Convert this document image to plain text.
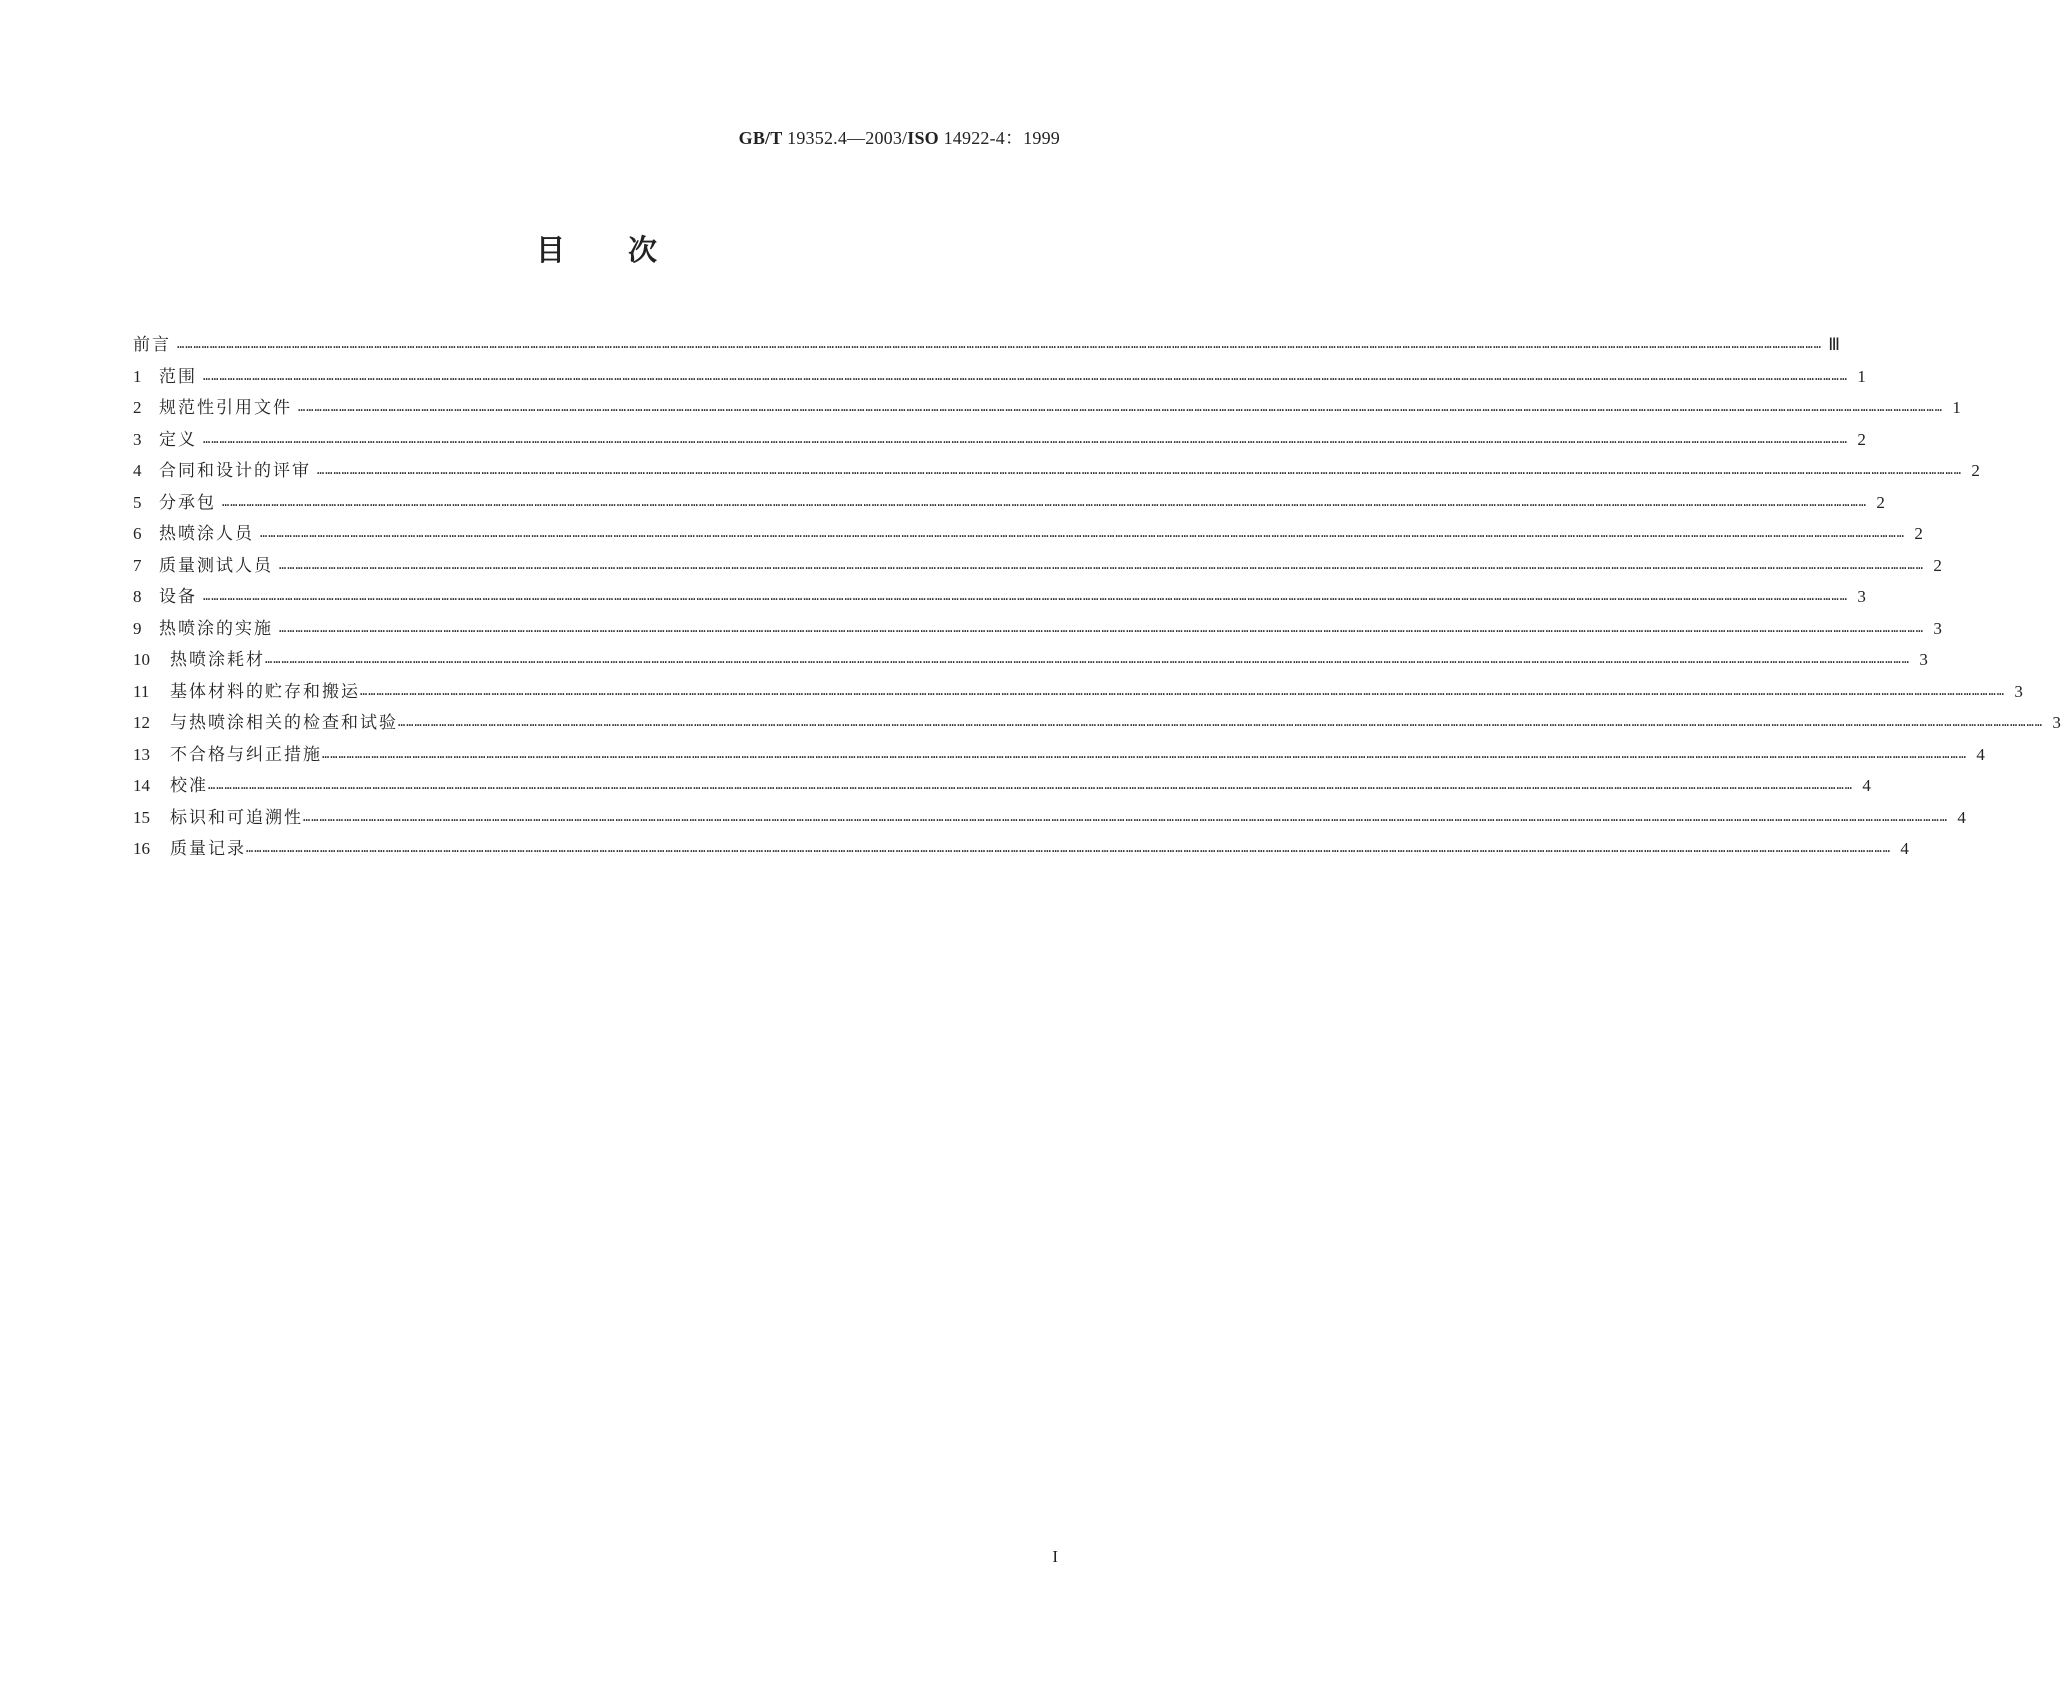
GB/T 19352.4—2003/ISO 14922-4：1999
目 次
前言 …………………………………………………………………………………………………………………………………………………………………………………………………………………………………………………………………………………………………………………………………………………………………………………………………………………………………………………………………………………………………………………………………………………… Ⅲ
1	范围 …………………………………………………………………………………………………………………………………………………………………………………………………………………………………………………………………………………………………………………………………………………………………………………………………………………………………………………………………………………………………………………………………………………… 1
2	规范性引用文件 …………………………………………………………………………………………………………………………………………………………………………………………………………………………………………………………………………………………………………………………………………………………………………………………………………………………………………………………………………………………………………………………………………………… 1
3	定义 …………………………………………………………………………………………………………………………………………………………………………………………………………………………………………………………………………………………………………………………………………………………………………………………………………………………………………………………………………………………………………………………………………………… 2
4	合同和设计的评审 …………………………………………………………………………………………………………………………………………………………………………………………………………………………………………………………………………………………………………………………………………………………………………………………………………………………………………………………………………………………………………………………………………………… 2
5	分承包 …………………………………………………………………………………………………………………………………………………………………………………………………………………………………………………………………………………………………………………………………………………………………………………………………………………………………………………………………………………………………………………………………………………… 2
6	热喷涂人员 …………………………………………………………………………………………………………………………………………………………………………………………………………………………………………………………………………………………………………………………………………………………………………………………………………………………………………………………………………………………………………………………………………………… 2
7	质量测试人员 …………………………………………………………………………………………………………………………………………………………………………………………………………………………………………………………………………………………………………………………………………………………………………………………………………………………………………………………………………………………………………………………………………………… 2
8	设备 …………………………………………………………………………………………………………………………………………………………………………………………………………………………………………………………………………………………………………………………………………………………………………………………………………………………………………………………………………………………………………………………………………………… 3
9	热喷涂的实施 …………………………………………………………………………………………………………………………………………………………………………………………………………………………………………………………………………………………………………………………………………………………………………………………………………………………………………………………………………………………………………………………………………………… 3
10	热喷涂耗材 …………………………………………………………………………………………………………………………………………………………………………………………………………………………………………………………………………………………………………………………………………………………………………………………………………………………………………………………………………………………………………………………………………………… 3
11	基体材料的贮存和搬运 …………………………………………………………………………………………………………………………………………………………………………………………………………………………………………………………………………………………………………………………………………………………………………………………………………………………………………………………………………………………………………………………………………………… 3
12	与热喷涂相关的检查和试验 …………………………………………………………………………………………………………………………………………………………………………………………………………………………………………………………………………………………………………………………………………………………………………………………………………………………………………………………………………………………………………………………………………………… 3
13	不合格与纠正措施 …………………………………………………………………………………………………………………………………………………………………………………………………………………………………………………………………………………………………………………………………………………………………………………………………………………………………………………………………………………………………………………………………………………… 4
14	校准 …………………………………………………………………………………………………………………………………………………………………………………………………………………………………………………………………………………………………………………………………………………………………………………………………………………………………………………………………………………………………………………………………………………… 4
15	标识和可追溯性 …………………………………………………………………………………………………………………………………………………………………………………………………………………………………………………………………………………………………………………………………………………………………………………………………………………………………………………………………………………………………………………………………………………… 4
16	质量记录 …………………………………………………………………………………………………………………………………………………………………………………………………………………………………………………………………………………………………………………………………………………………………………………………………………………………………………………………………………………………………………………………………………………… 4
I
